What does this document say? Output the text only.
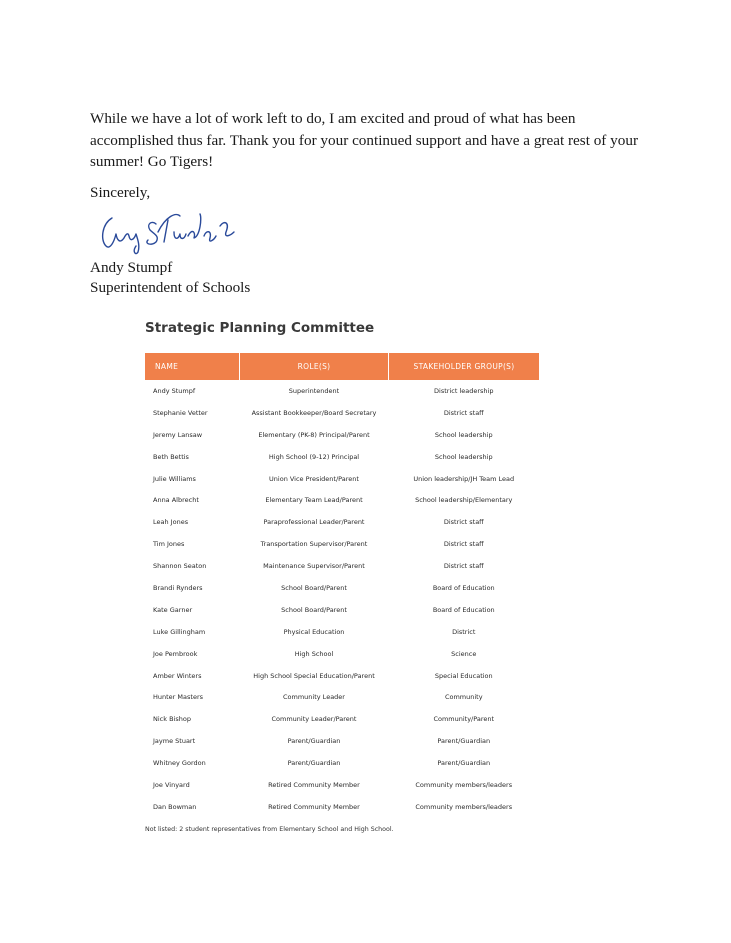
While we have a lot of work left to do, I am excited and proud of what has been accomplished thus far. Thank you for your continued support and have a great rest of your summer! Go Tigers!

Sincerely,
Andy Stumpf
Superintendent of Schools
Strategic Planning Committee
NAME	ROLE(S)	STAKEHOLDER GROUP(S)
Andy Stumpf	Superintendent	District leadership
Stephanie Vetter	Assistant Bookkeeper/Board Secretary	District staff
Jeremy Lansaw	Elementary (PK-8) Principal/Parent	School leadership
Beth Bettis	High School (9-12) Principal	School leadership
Julie Williams	Union Vice President/Parent	Union leadership/JH Team Lead
Anna Albrecht	Elementary Team Lead/Parent	School leadership/Elementary
Leah Jones	Paraprofessional Leader/Parent	District staff
Tim Jones	Transportation Supervisor/Parent	District staff
Shannon Seaton	Maintenance Supervisor/Parent	District staff
Brandi Rynders	School Board/Parent	Board of Education
Kate Garner	School Board/Parent	Board of Education
Luke Gillingham	Physical Education	District
Joe Pembrook	High School	Science
Amber Winters	High School Special Education/Parent	Special Education
Hunter Masters	Community Leader	Community
Nick Bishop	Community Leader/Parent	Community/Parent
Jayme Stuart	Parent/Guardian	Parent/Guardian
Whitney Gordon	Parent/Guardian	Parent/Guardian
Joe Vinyard	Retired Community Member	Community members/leaders
Dan Bowman	Retired Community Member	Community members/leaders
Not listed: 2 student representatives from Elementary School and High School.
